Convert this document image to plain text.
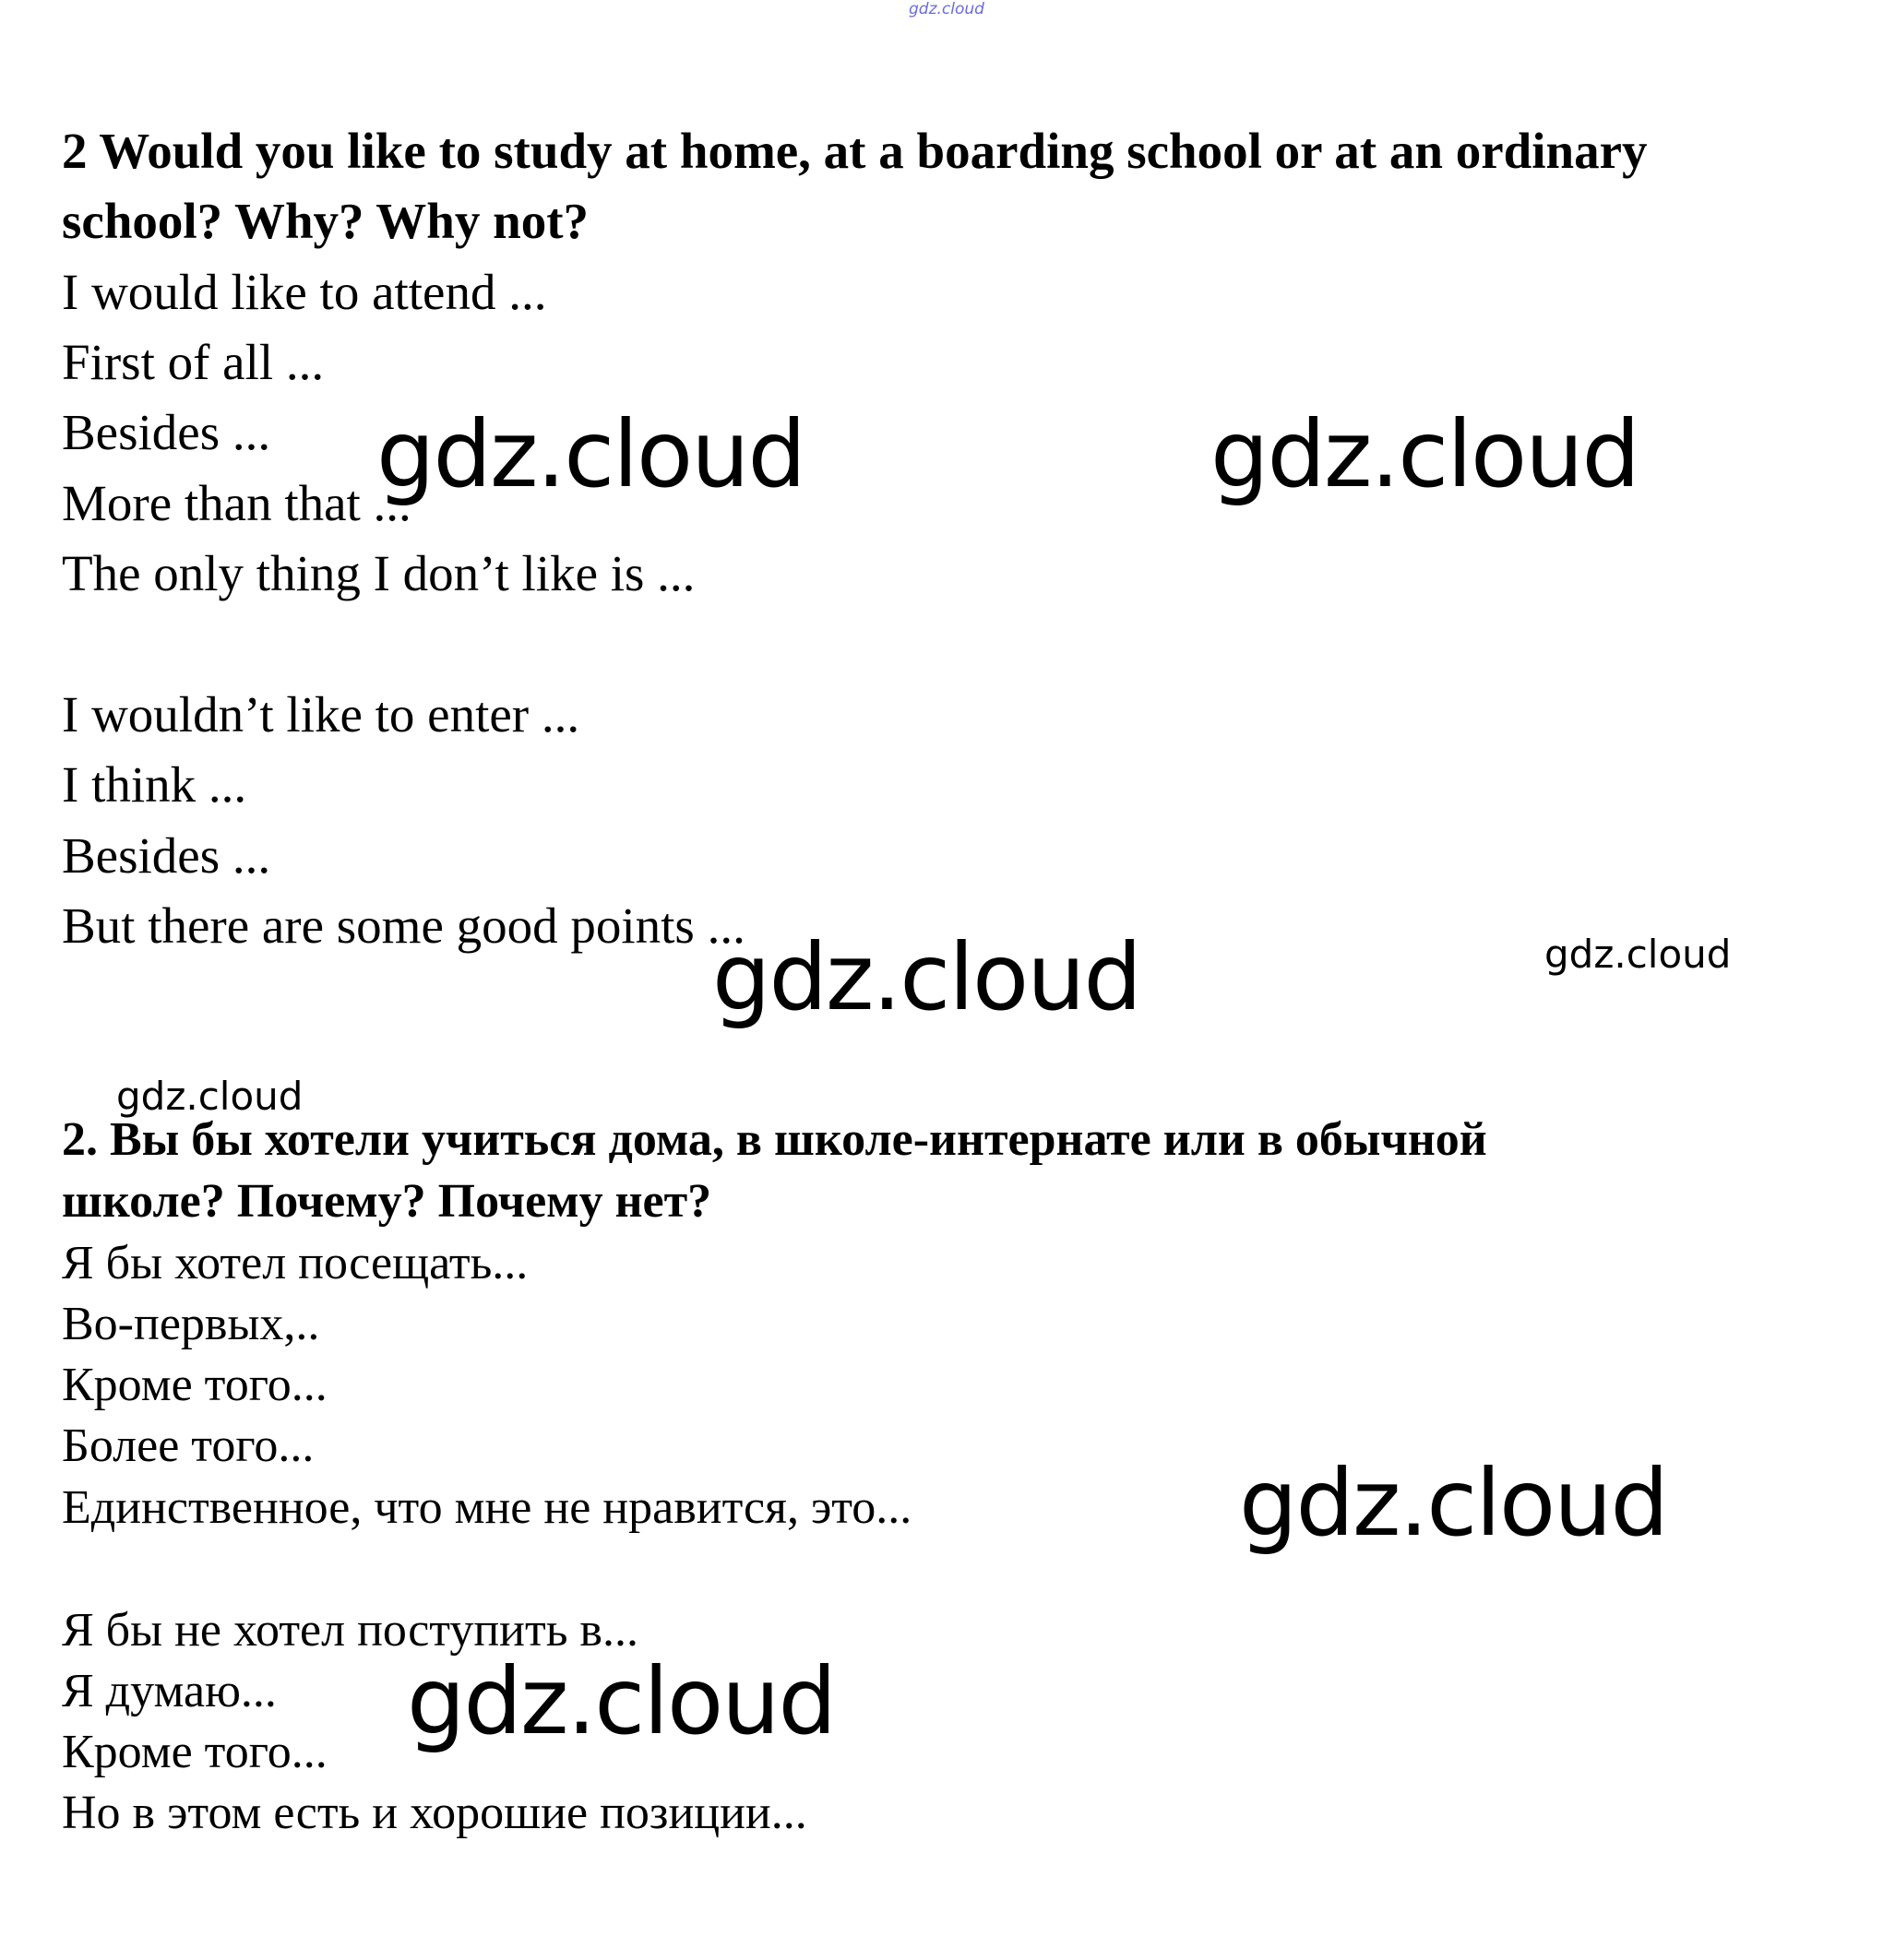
gdz.cloud
2 Would you like to study at home, at a boarding school or at an ordinary
school? Why? Why not?
I would like to attend ...
First of all ...
Besides ...
More than that ...
The only thing I don’t like is ...
I wouldn’t like to enter ...
I think ...
Besides ...
But there are some good points ...
2. Вы бы хотели учиться дома, в школе-интернате или в обычной
школе? Почему? Почему нет?
Я бы хотел посещать...
Во-первых,..
Кроме того...
Более того...
Единственное, что мне не нравится, это...
Я бы не хотел поступить в...
Я думаю...
Кроме того...
Но в этом есть и хорошие позиции...
gdz.cloud	gdz.cloud
gdz.cloud	gdz.cloud
gdz.cloud
gdz.cloud
gdz.cloud
